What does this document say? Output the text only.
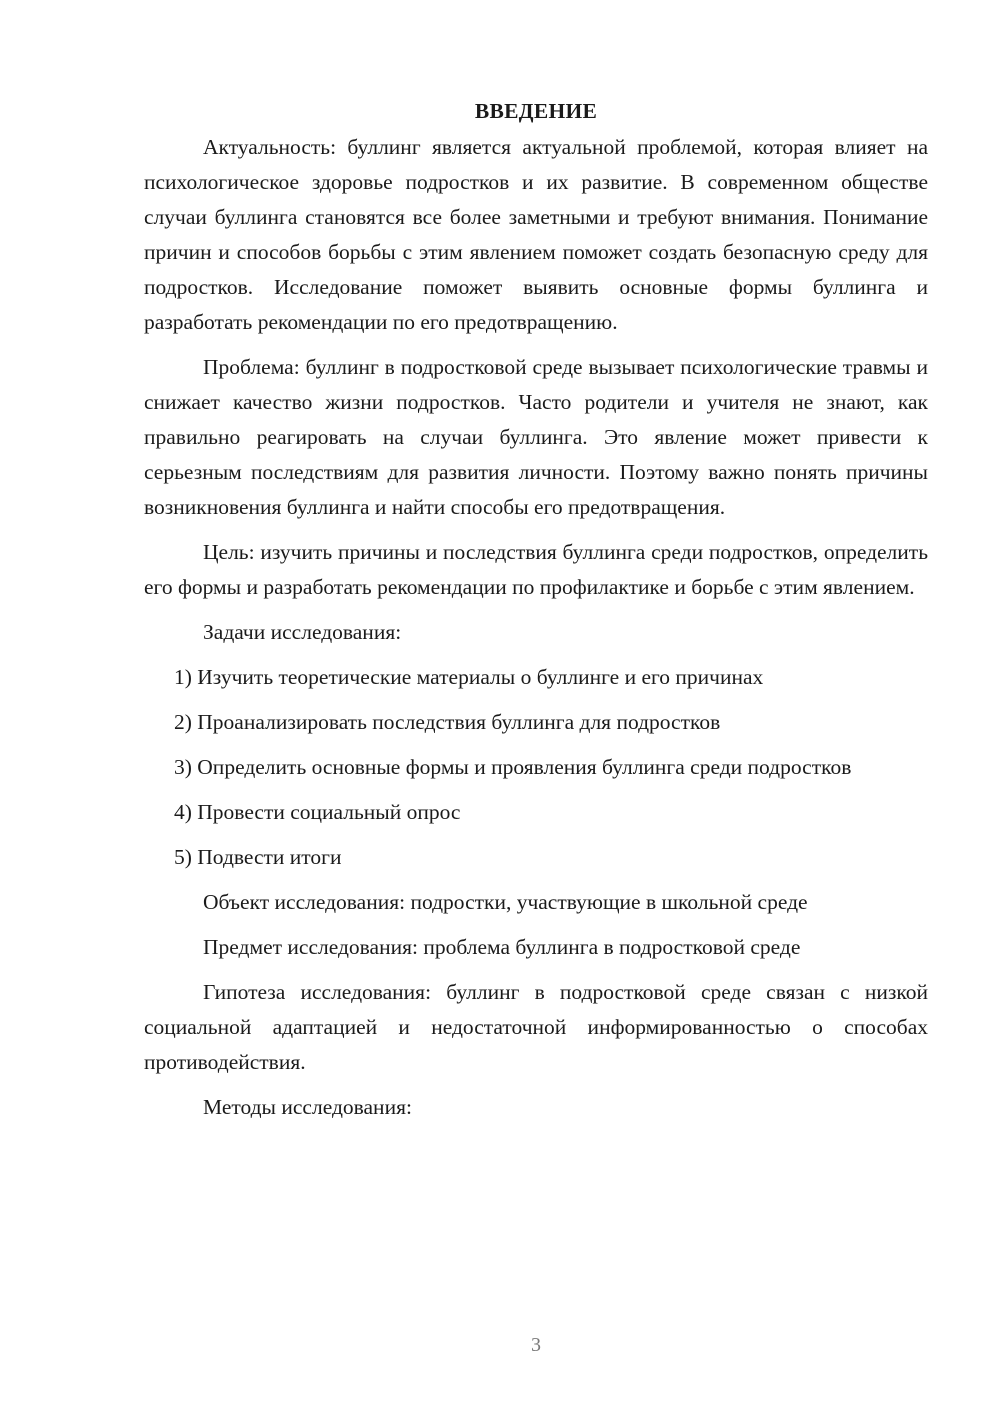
ВВЕДЕНИЕ

Актуальность: буллинг является актуальной проблемой, которая влияет на психологическое здоровье подростков и их развитие. В современном обществе случаи буллинга становятся все более заметными и требуют внимания. Понимание причин и способов борьбы с этим явлением поможет создать безопасную среду для подростков. Исследование поможет выявить основные формы буллинга и разработать рекомендации по его предотвращению.

Проблема: буллинг в подростковой среде вызывает психологические травмы и снижает качество жизни подростков. Часто родители и учителя не знают, как правильно реагировать на случаи буллинга. Это явление может привести к серьезным последствиям для развития личности. Поэтому важно понять причины возникновения буллинга и найти способы его предотвращения.

Цель: изучить причины и последствия буллинга среди подростков, определить его формы и разработать рекомендации по профилактике и борьбе с этим явлением.

Задачи исследования:

1) Изучить теоретические материалы о буллинге и его причинах
2) Проанализировать последствия буллинга для подростков
3) Определить основные формы и проявления буллинга среди подростков
4) Провести социальный опрос
5) Подвести итоги

Объект исследования: подростки, участвующие в школьной среде

Предмет исследования: проблема буллинга в подростковой среде

Гипотеза исследования: буллинг в подростковой среде связан с низкой социальной адаптацией и недостаточной информированностью о способах противодействия.

Методы исследования:

3
